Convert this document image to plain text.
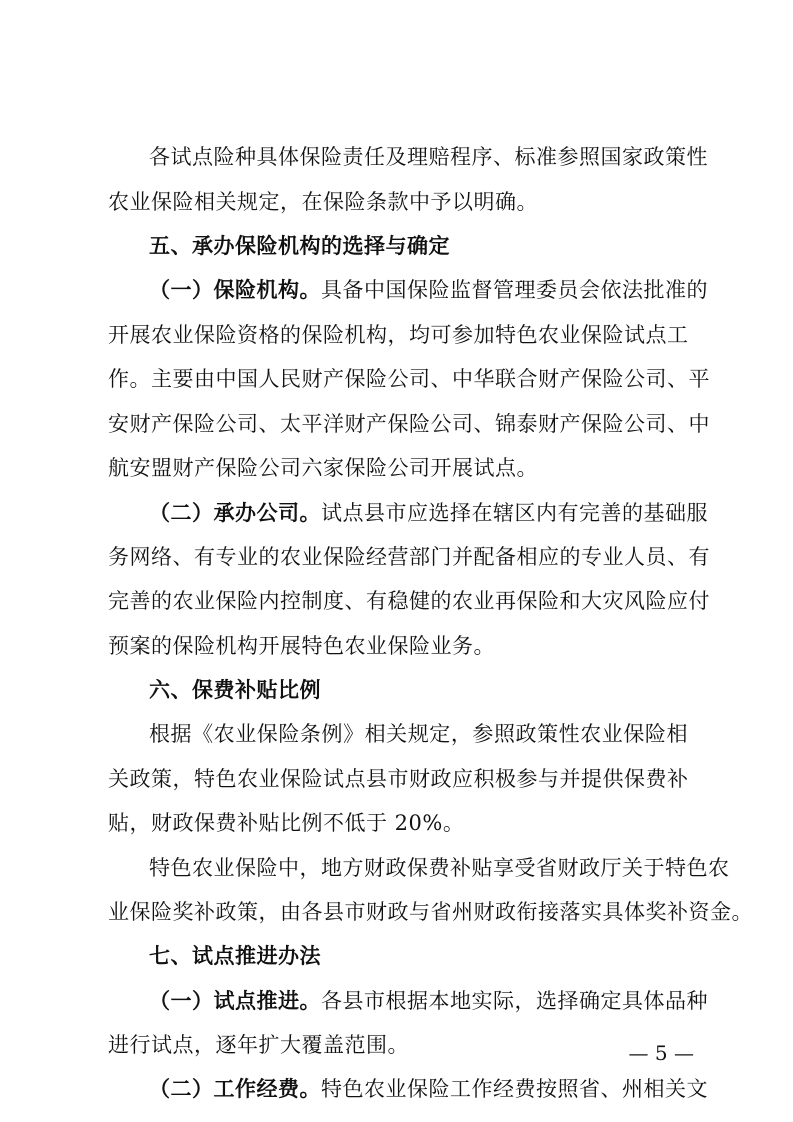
各试点险种具体保险责任及理赔程序、标准参照国家政策性
农业保险相关规定，在保险条款中予以明确。
五、承办保险机构的选择与确定
（一）保险机构。具备中国保险监督管理委员会依法批准的
开展农业保险资格的保险机构，均可参加特色农业保险试点工
作。主要由中国人民财产保险公司、中华联合财产保险公司、平
安财产保险公司、太平洋财产保险公司、锦泰财产保险公司、中
航安盟财产保险公司六家保险公司开展试点。
（二）承办公司。试点县市应选择在辖区内有完善的基础服
务网络、有专业的农业保险经营部门并配备相应的专业人员、有
完善的农业保险内控制度、有稳健的农业再保险和大灾风险应付
预案的保险机构开展特色农业保险业务。
六、保费补贴比例
根据《农业保险条例》相关规定，参照政策性农业保险相
关政策，特色农业保险试点县市财政应积极参与并提供保费补
贴，财政保费补贴比例不低于 20%。
特色农业保险中，地方财政保费补贴享受省财政厅关于特色农
业保险奖补政策，由各县市财政与省州财政衔接落实具体奖补资金。
七、试点推进办法
（一）试点推进。各县市根据本地实际，选择确定具体品种
进行试点，逐年扩大覆盖范围。
（二）工作经费。特色农业保险工作经费按照省、州相关文
— 5 —
